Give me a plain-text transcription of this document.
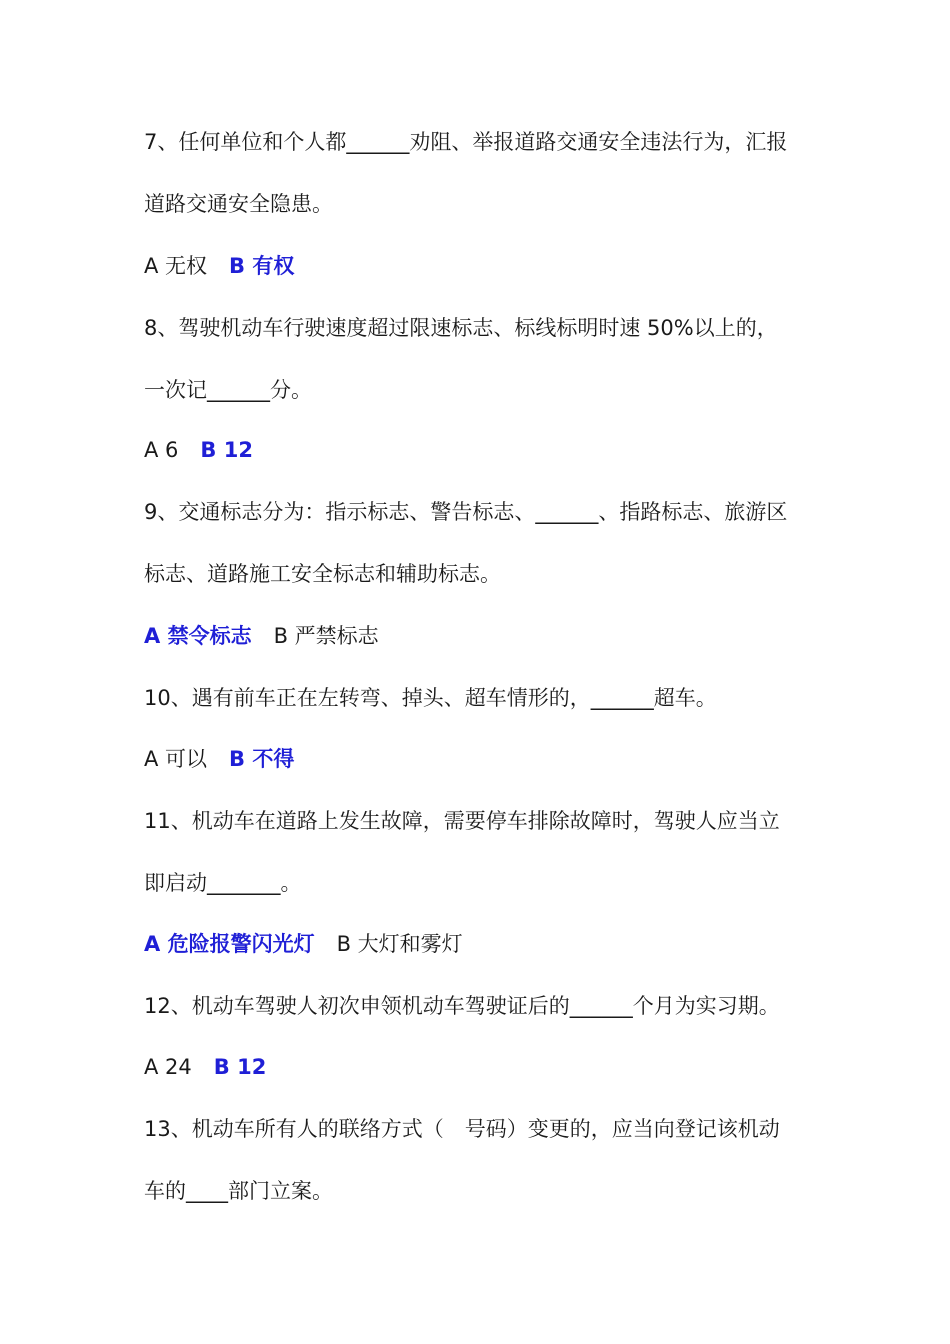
7、任何单位和个人都______劝阻、举报道路交通安全违法行为，汇报
道路交通安全隐患。
A 无权 B 有权
8、驾驶机动车行驶速度超过限速标志、标线标明时速 50%以上的，
一次记______分。
A 6 B 12
9、交通标志分为：指示标志、警告标志、______、指路标志、旅游区
标志、道路施工安全标志和辅助标志。
A 禁令标志 B 严禁标志
10、遇有前车正在左转弯、掉头、超车情形的，______超车。
A 可以 B 不得
11、机动车在道路上发生故障，需要停车排除故障时，驾驶人应当立
即启动_______。
A 危险报警闪光灯 B 大灯和雾灯
12、机动车驾驶人初次申领机动车驾驶证后的______个月为实习期。
A 24 B 12
13、机动车所有人的联络方式（　号码）变更的，应当向登记该机动
车的____部门立案。
